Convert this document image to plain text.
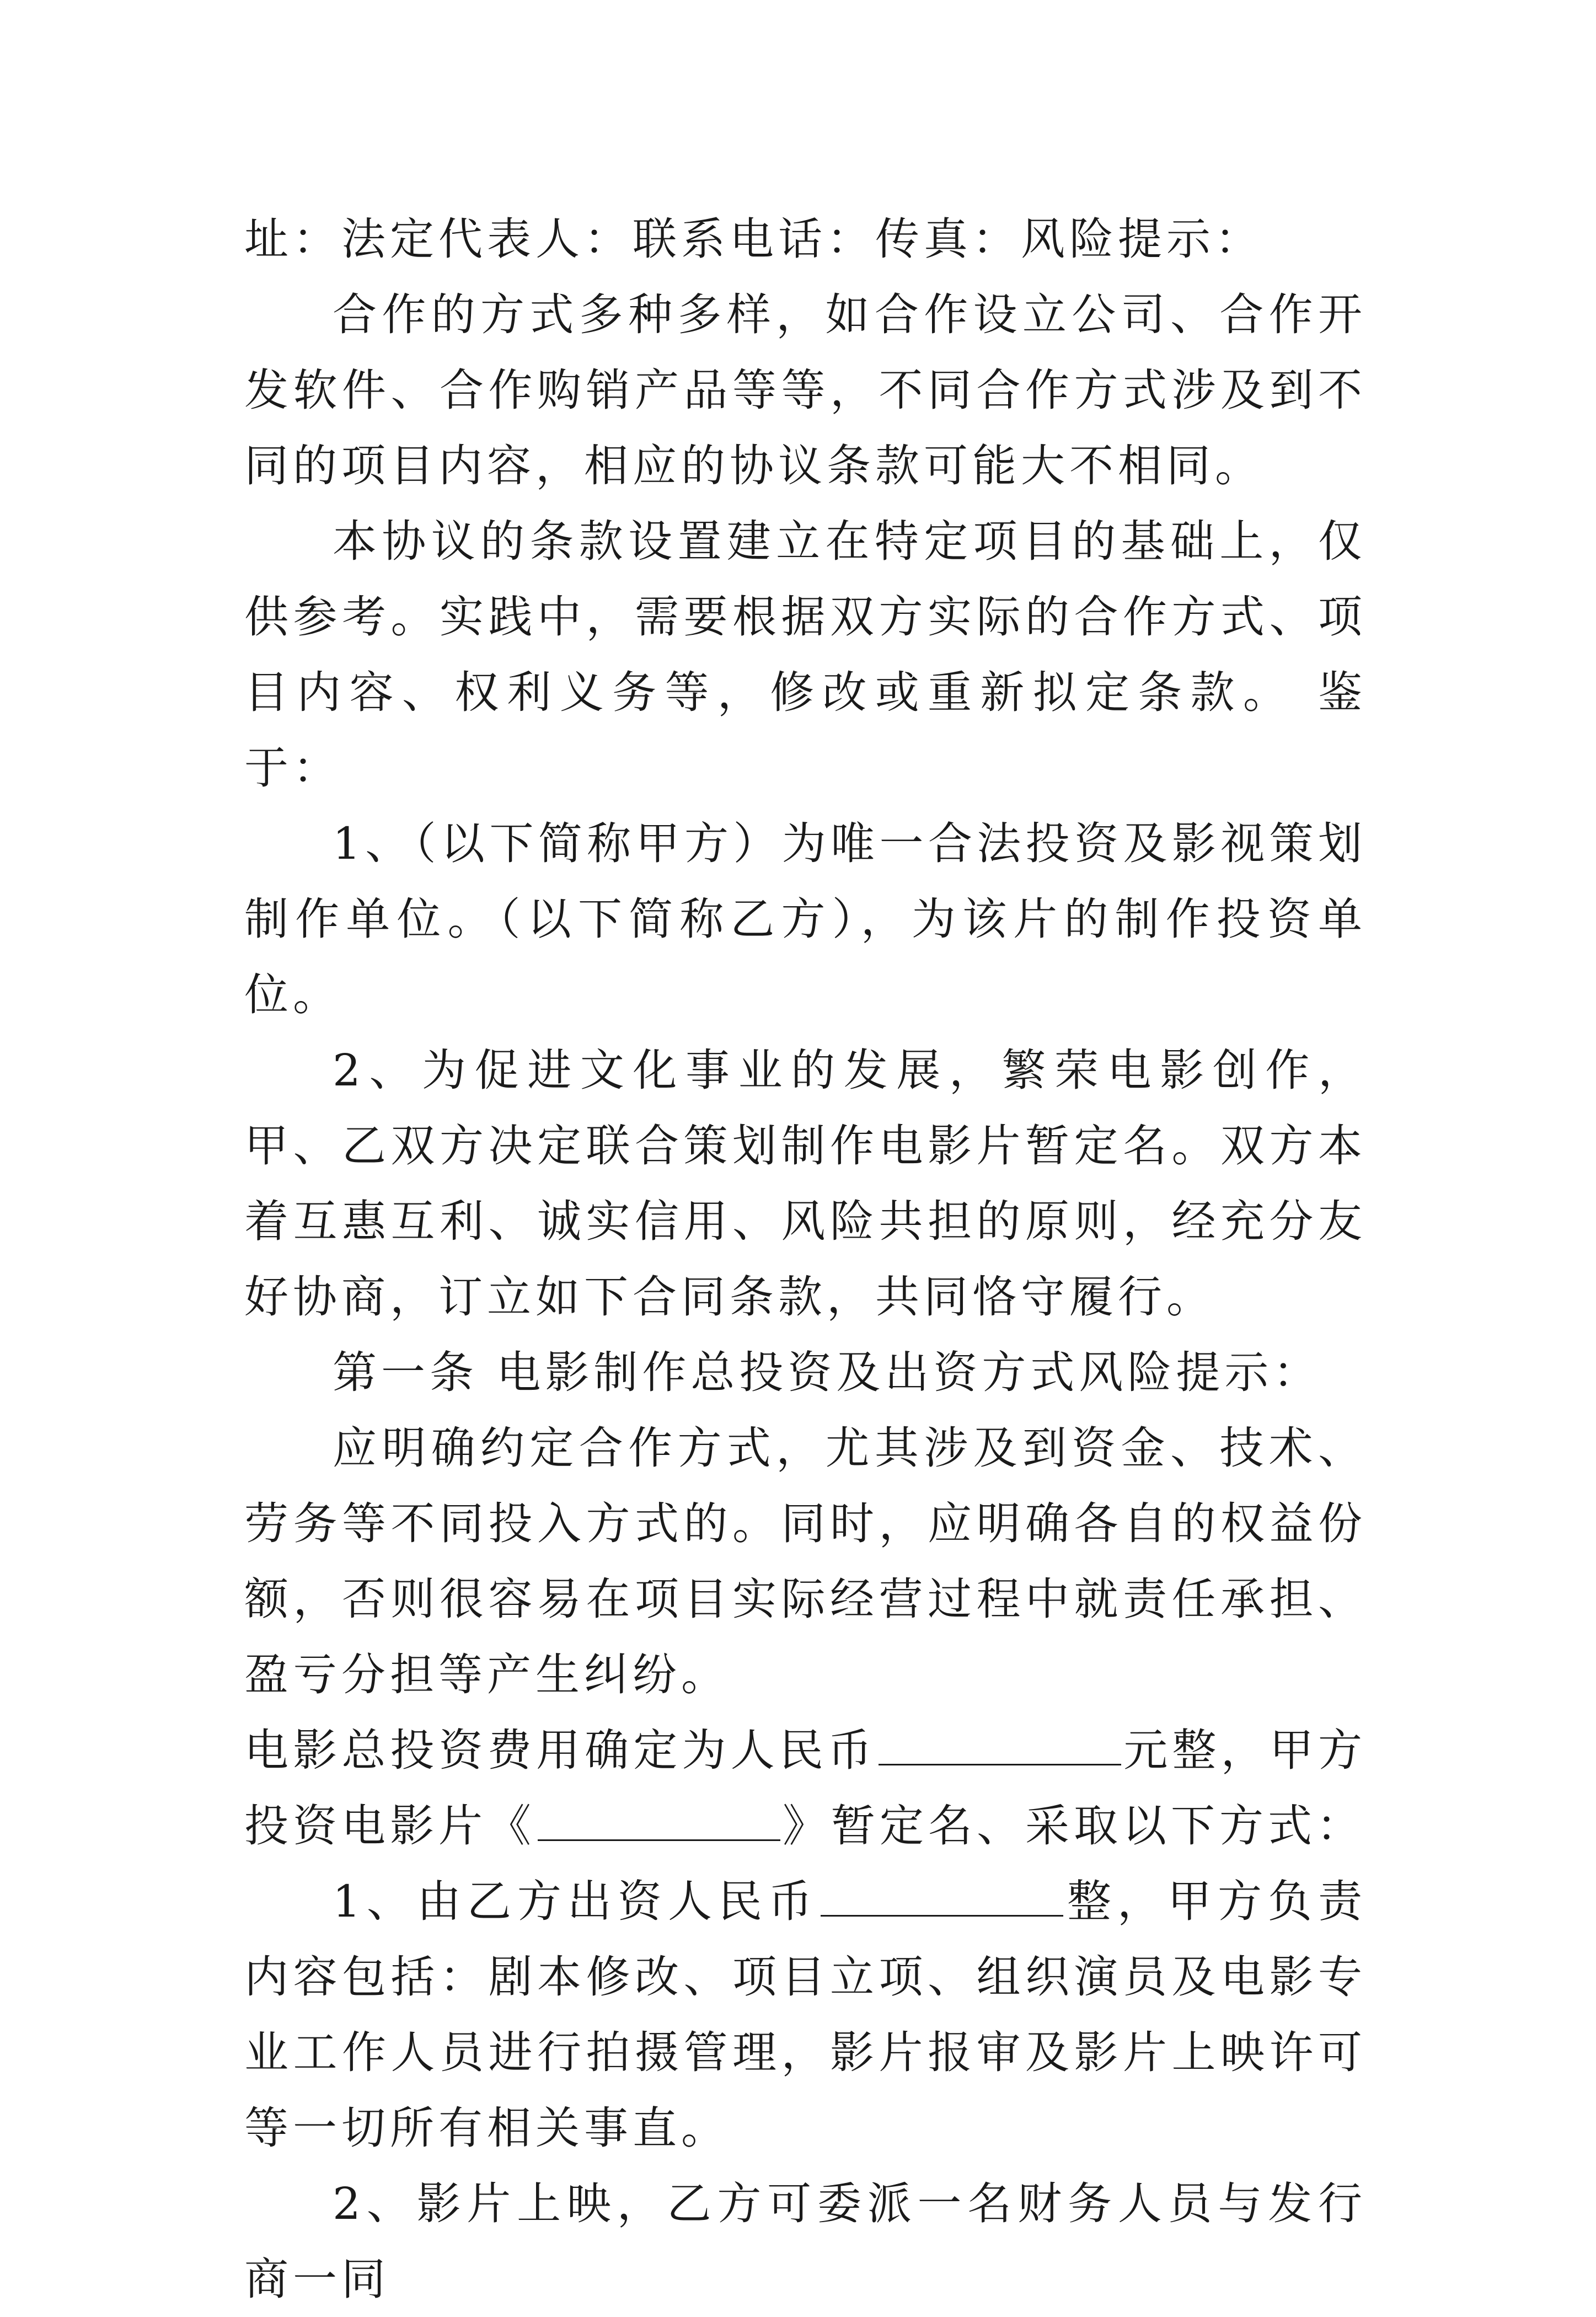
址：法定代表人：联系电话：传真：风险提示：

合作的方式多种多样，如合作设立公司、合作开发软件、合作购销产品等等，不同合作方式涉及到不同的项目内容，相应的协议条款可能大不相同。

本协议的条款设置建立在特定项目的基础上，仅供参考。实践中，需要根据双方实际的合作方式、项目内容、权利义务等，修改或重新拟定条款。 鉴于：

1、（以下简称甲方）为唯一合法投资及影视策划制作单位。（以下简称乙方），为该片的制作投资单位。

2、为促进文化事业的发展，繁荣电影创作，甲、乙双方决定联合策划制作电影片暂定名。双方本着互惠互利、诚实信用、风险共担的原则，经充分友好协商，订立如下合同条款，共同恪守履行。

第一条 电影制作总投资及出资方式风险提示：

应明确约定合作方式，尤其涉及到资金、技术、劳务等不同投入方式的。同时，应明确各自的权益份额，否则很容易在项目实际经营过程中就责任承担、盈亏分担等产生纠纷。

电影总投资费用确定为人民币	元整，甲方投资电影片《	》暂定名、采取以下方式：

1、由乙方出资人民币	整，甲方负责内容包括：剧本修改、项目立项、组织演员及电影专业工作人员进行拍摄管理，影片报审及影片上映许可等一切所有相关事直。

2、影片上映，乙方可委派一名财务人员与发行商一同
